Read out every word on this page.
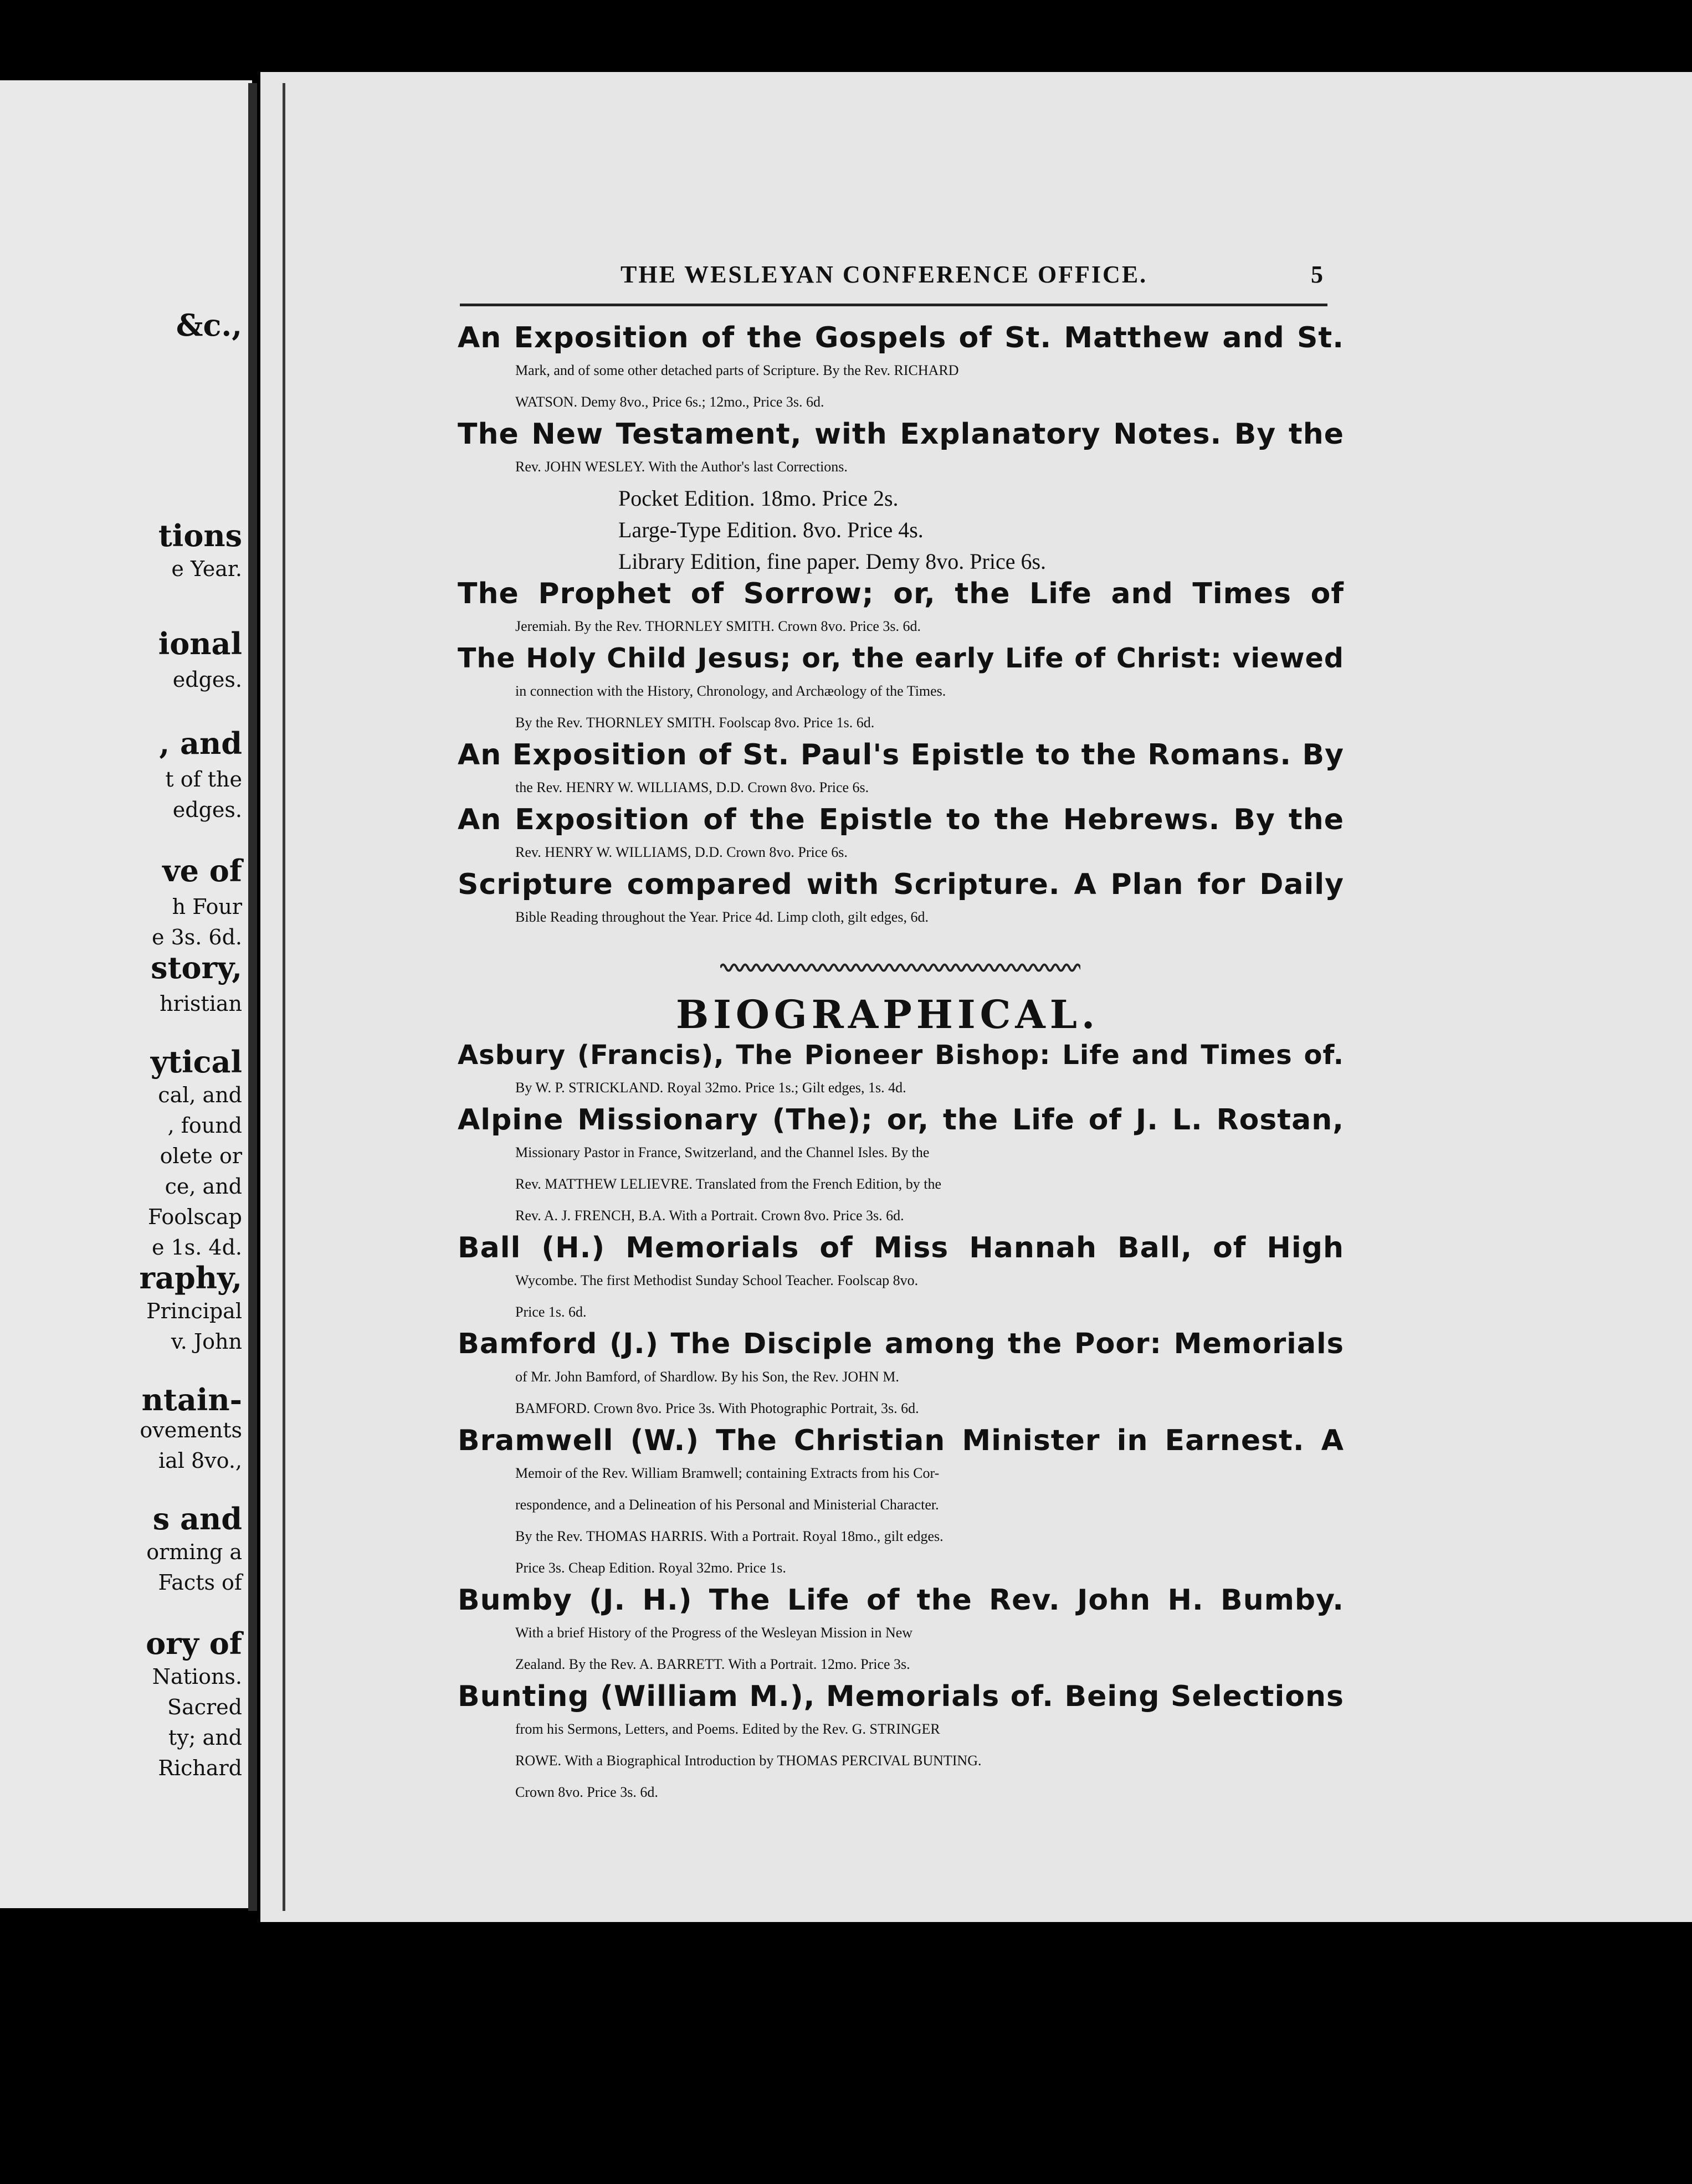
&c.,
tions
e Year.
ional
edges.
, and
t of the
edges.
ve of
h Four
e 3s. 6d.
story,
hristian
ytical
cal, and
, found
olete or
ce, and
Foolscap
e 1s. 4d.
raphy,
Principal
v. John
ntain-
ovements
ial 8vo.,
s and
orming a
Facts of
ory of
Nations.
Sacred
ty; and
Richard
THE WESLEYAN CONFERENCE OFFICE.	5
An Exposition of the Gospels of St. Matthew and St.
Mark, and of some other detached parts of Scripture. By the Rev. RICHARD
WATSON. Demy 8vo., Price 6s.; 12mo., Price 3s. 6d.
The New Testament, with Explanatory Notes. By the
Rev. JOHN WESLEY. With the Author's last Corrections.
Pocket Edition. 18mo. Price 2s.
Large-Type Edition. 8vo. Price 4s.
Library Edition, fine paper. Demy 8vo. Price 6s.
The Prophet of Sorrow; or, the Life and Times of
Jeremiah. By the Rev. THORNLEY SMITH. Crown 8vo. Price 3s. 6d.
The Holy Child Jesus; or, the early Life of Christ: viewed
in connection with the History, Chronology, and Archæology of the Times.
By the Rev. THORNLEY SMITH. Foolscap 8vo. Price 1s. 6d.
An Exposition of St. Paul's Epistle to the Romans. By
the Rev. HENRY W. WILLIAMS, D.D. Crown 8vo. Price 6s.
An Exposition of the Epistle to the Hebrews. By the
Rev. HENRY W. WILLIAMS, D.D. Crown 8vo. Price 6s.
Scripture compared with Scripture. A Plan for Daily
Bible Reading throughout the Year. Price 4d. Limp cloth, gilt edges, 6d.
BIOGRAPHICAL.
Asbury (Francis), The Pioneer Bishop: Life and Times of.
By W. P. STRICKLAND. Royal 32mo. Price 1s.; Gilt edges, 1s. 4d.
Alpine Missionary (The); or, the Life of J. L. Rostan,
Missionary Pastor in France, Switzerland, and the Channel Isles. By the
Rev. MATTHEW LELIEVRE. Translated from the French Edition, by the
Rev. A. J. FRENCH, B.A. With a Portrait. Crown 8vo. Price 3s. 6d.
Ball (H.) Memorials of Miss Hannah Ball, of High
Wycombe. The first Methodist Sunday School Teacher. Foolscap 8vo.
Price 1s. 6d.
Bamford (J.) The Disciple among the Poor: Memorials
of Mr. John Bamford, of Shardlow. By his Son, the Rev. JOHN M.
BAMFORD. Crown 8vo. Price 3s. With Photographic Portrait, 3s. 6d.
Bramwell (W.) The Christian Minister in Earnest. A
Memoir of the Rev. William Bramwell; containing Extracts from his Cor-
respondence, and a Delineation of his Personal and Ministerial Character.
By the Rev. THOMAS HARRIS. With a Portrait. Royal 18mo., gilt edges.
Price 3s. Cheap Edition. Royal 32mo. Price 1s.
Bumby (J. H.) The Life of the Rev. John H. Bumby.
With a brief History of the Progress of the Wesleyan Mission in New
Zealand. By the Rev. A. BARRETT. With a Portrait. 12mo. Price 3s.
Bunting (William M.), Memorials of. Being Selections
from his Sermons, Letters, and Poems. Edited by the Rev. G. STRINGER
ROWE. With a Biographical Introduction by THOMAS PERCIVAL BUNTING.
Crown 8vo. Price 3s. 6d.
